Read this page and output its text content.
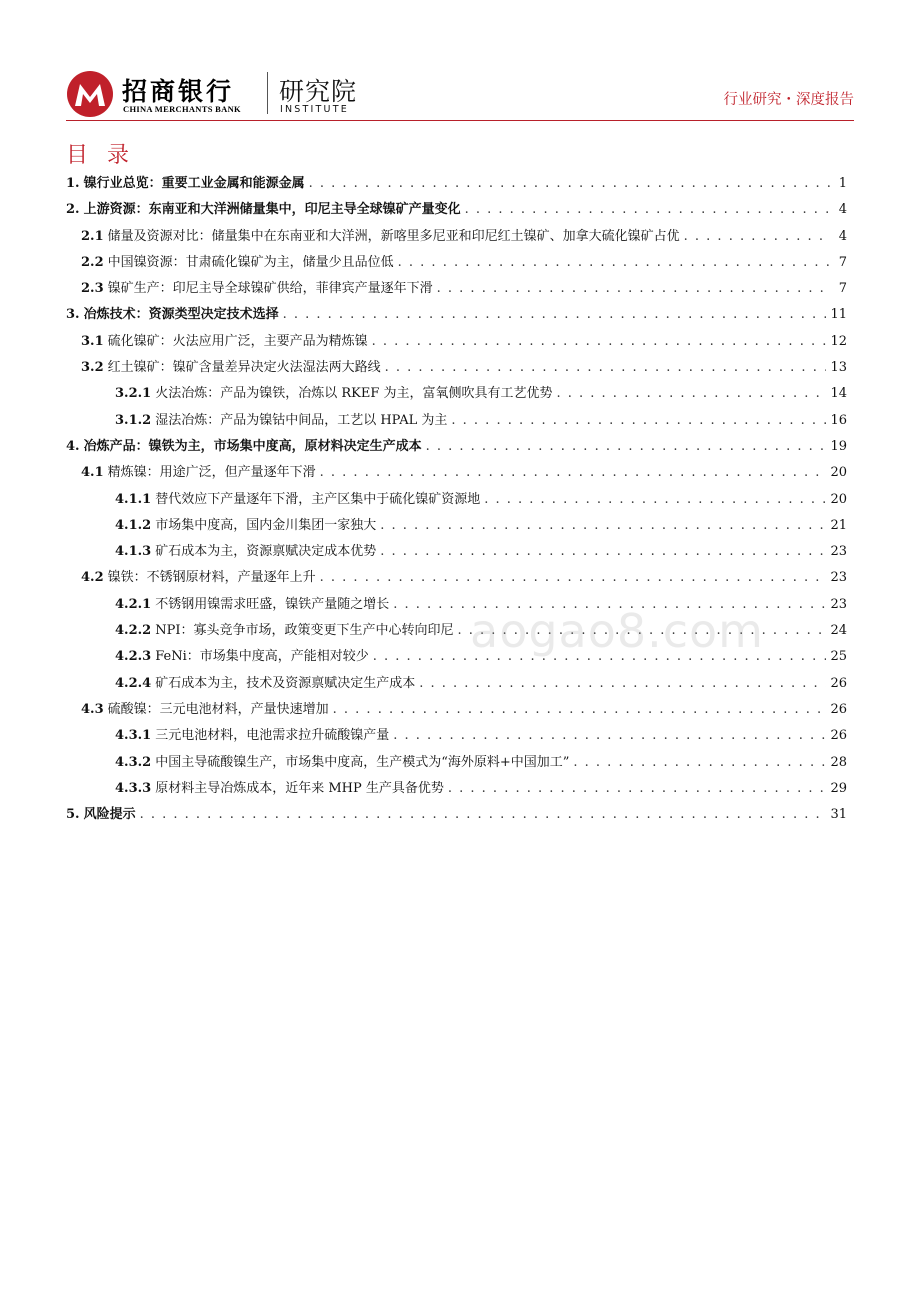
招商银行
CHINA MERCHANTS BANK
研究院
INSTITUTE
行业研究・深度报告
目 录
1. 镍行业总览：重要工业金属和能源金属 . . .	1
2. 上游资源：东南亚和大洋洲储量集中，印尼主导全球镍矿产量变化 . . .	4
2.1 储量及资源对比：储量集中在东南亚和大洋洲，新喀里多尼亚和印尼红土镍矿、加拿大硫化镍矿占优 . . .	4
2.2 中国镍资源：甘肃硫化镍矿为主，储量少且品位低 . . .	7
2.3 镍矿生产：印尼主导全球镍矿供给，菲律宾产量逐年下滑 . . .	7
3. 冶炼技术：资源类型决定技术选择 . . .	11
3.1 硫化镍矿：火法应用广泛，主要产品为精炼镍 . . .	12
3.2 红土镍矿：镍矿含量差异决定火法湿法两大路线 . . .	13
3.2.1 火法冶炼：产品为镍铁，冶炼以 RKEF 为主，富氧侧吹具有工艺优势 . . .	14
3.1.2 湿法冶炼：产品为镍钴中间品，工艺以 HPAL 为主 . . .	16
4. 冶炼产品：镍铁为主，市场集中度高，原材料决定生产成本 . . .	19
4.1 精炼镍：用途广泛，但产量逐年下滑 . . .	20
4.1.1 替代效应下产量逐年下滑，主产区集中于硫化镍矿资源地 . . .	20
4.1.2 市场集中度高，国内金川集团一家独大 . . .	21
4.1.3 矿石成本为主，资源禀赋决定成本优势 . . .	23
4.2 镍铁：不锈钢原材料，产量逐年上升 . . .	23
4.2.1 不锈钢用镍需求旺盛，镍铁产量随之增长 . . .	23
4.2.2 NPI：寡头竞争市场，政策变更下生产中心转向印尼 . . .	24
4.2.3 FeNi：市场集中度高，产能相对较少 . . .	25
4.2.4 矿石成本为主，技术及资源禀赋决定生产成本 . . .	26
4.3 硫酸镍：三元电池材料，产量快速增加 . . .	26
4.3.1 三元电池材料，电池需求拉升硫酸镍产量 . . .	26
4.3.2 中国主导硫酸镍生产，市场集中度高，生产模式为“海外原料+中国加工” . . .	28
4.3.3 原材料主导冶炼成本，近年来 MHP 生产具备优势 . . .	29
5. 风险提示 . . .	31
aogao8.com
